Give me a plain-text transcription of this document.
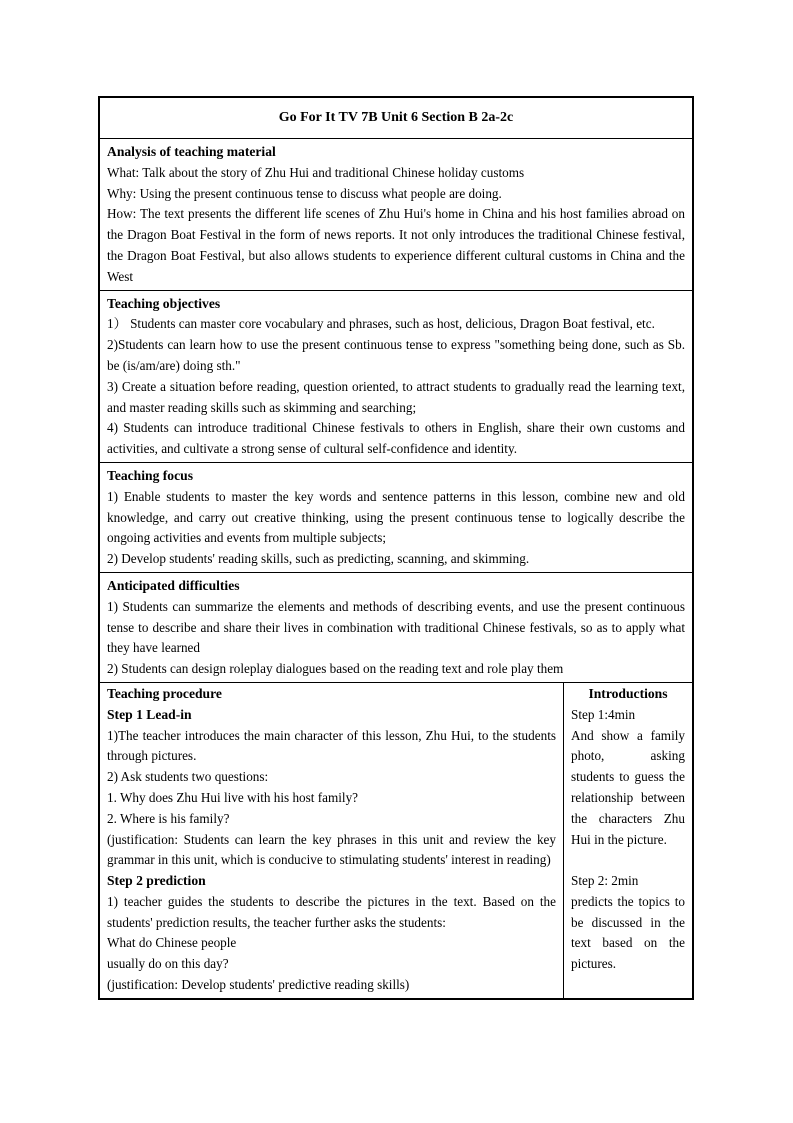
Go For It TV 7B Unit 6 Section B 2a-2c
Analysis of teaching material
What: Talk about the story of Zhu Hui and traditional Chinese holiday customs
Why: Using the present continuous tense to discuss what people are doing.
How: The text presents the different life scenes of Zhu Hui's home in China and his host families abroad on the Dragon Boat Festival in the form of news reports. It not only introduces the traditional Chinese festival, the Dragon Boat Festival, but also allows students to experience different cultural customs in China and the West
Teaching objectives
1） Students can master core vocabulary and phrases, such as host, delicious, Dragon Boat festival, etc.
2)Students can learn how to use the present continuous tense to express "something being done, such as Sb. be (is/am/are) doing sth."
3) Create a situation before reading, question oriented, to attract students to gradually read the learning text, and master reading skills such as skimming and searching;
4) Students can introduce traditional Chinese festivals to others in English, share their own customs and activities, and cultivate a strong sense of cultural self-confidence and identity.
Teaching focus
1) Enable students to master the key words and sentence patterns in this lesson, combine new and old knowledge, and carry out creative thinking, using the present continuous tense to logically describe the ongoing activities and events from multiple subjects;
2) Develop students' reading skills, such as predicting, scanning, and skimming.
Anticipated difficulties
1) Students can summarize the elements and methods of describing events, and use the present continuous tense to describe and share their lives in combination with traditional Chinese festivals, so as to apply what they have learned
2) Students can design roleplay dialogues based on the reading text and role play them
Teaching procedure
Step 1 Lead-in
1)The teacher introduces the main character of this lesson, Zhu Hui, to the students through pictures.
2) Ask students two questions:
1. Why does Zhu Hui live with his host family?
2. Where is his family?
(justification: Students can learn the key phrases in this unit and review the key grammar in this unit, which is conducive to stimulating students' interest in reading)
Step 2 prediction
1) teacher guides the students to describe the pictures in the text. Based on the students' prediction results, the teacher further asks the students:
What do Chinese people
usually do on this day?
(justification: Develop students' predictive reading skills)
Introductions
Step 1:4min
And show a family photo, asking students to guess the relationship between the characters Zhu Hui in the picture.
Step 2: 2min
predicts the topics to be discussed in the text based on the pictures.
